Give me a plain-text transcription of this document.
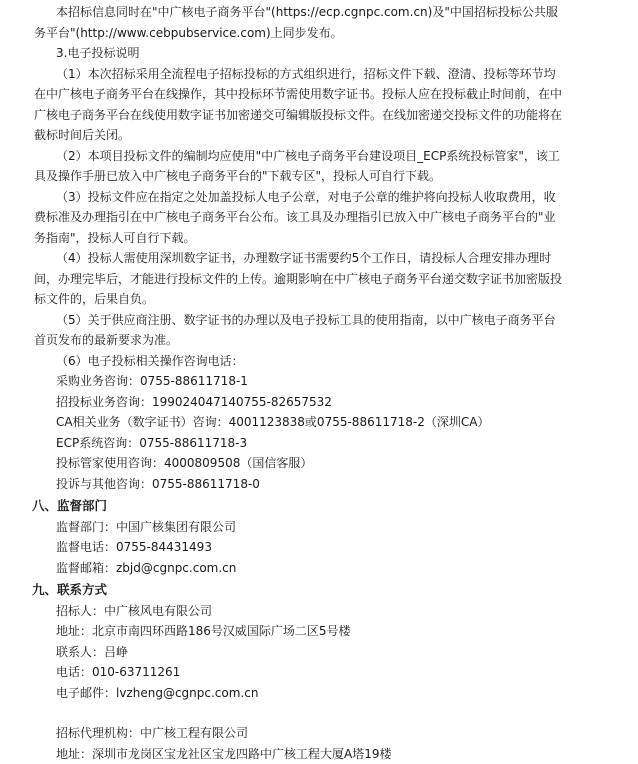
本招标信息同时在"中广核电子商务平台"(https://ecp.cgnpc.com.cn)及"中国招标投标公共服
务平台"(http://www.cebpubservice.com)上同步发布。
3.电子投标说明
（1）本次招标采用全流程电子招标投标的方式组织进行，招标文件下载、澄清、投标等环节均
在中广核电子商务平台在线操作，其中投标环节需使用数字证书。投标人应在投标截止时间前，在中
广核电子商务平台在线使用数字证书加密递交可编辑版投标文件。在线加密递交投标文件的功能将在
截标时间后关闭。
（2）本项目投标文件的编制均应使用"中广核电子商务平台建设项目_ECP系统投标管家"，该工
具及操作手册已放入中广核电子商务平台的"下载专区"，投标人可自行下载。
（3）投标文件应在指定之处加盖投标人电子公章，对电子公章的维护将向投标人收取费用，收
费标准及办理指引在中广核电子商务平台公布。该工具及办理指引已放入中广核电子商务平台的"业
务指南"，投标人可自行下载。
（4）投标人需使用深圳数字证书，办理数字证书需要约5个工作日，请投标人合理安排办理时
间，办理完毕后，才能进行投标文件的上传。逾期影响在中广核电子商务平台递交数字证书加密版投
标文件的，后果自负。
（5）关于供应商注册、数字证书的办理以及电子投标工具的使用指南，以中广核电子商务平台
首页发布的最新要求为准。
（6）电子投标相关操作咨询电话：
采购业务咨询：0755-88611718-1
招投标业务咨询：199024047140755-82657532
CA相关业务（数字证书）咨询：4001123838或0755-88611718-2（深圳CA）
ECP系统咨询：0755-88611718-3
投标管家使用咨询：4000809508（国信客服）
投诉与其他咨询：0755-88611718-0
八、监督部门
监督部门：中国广核集团有限公司
监督电话：0755-84431493
监督邮箱：zbjd@cgnpc.com.cn
九、联系方式
招标人：中广核风电有限公司
地址：北京市南四环西路186号汉威国际广场二区5号楼
联系人：吕峥
电话：010-63711261
电子邮件：lvzheng@cgnpc.com.cn
招标代理机构：中广核工程有限公司
地址：深圳市龙岗区宝龙社区宝龙四路中广核工程大厦A塔19楼
